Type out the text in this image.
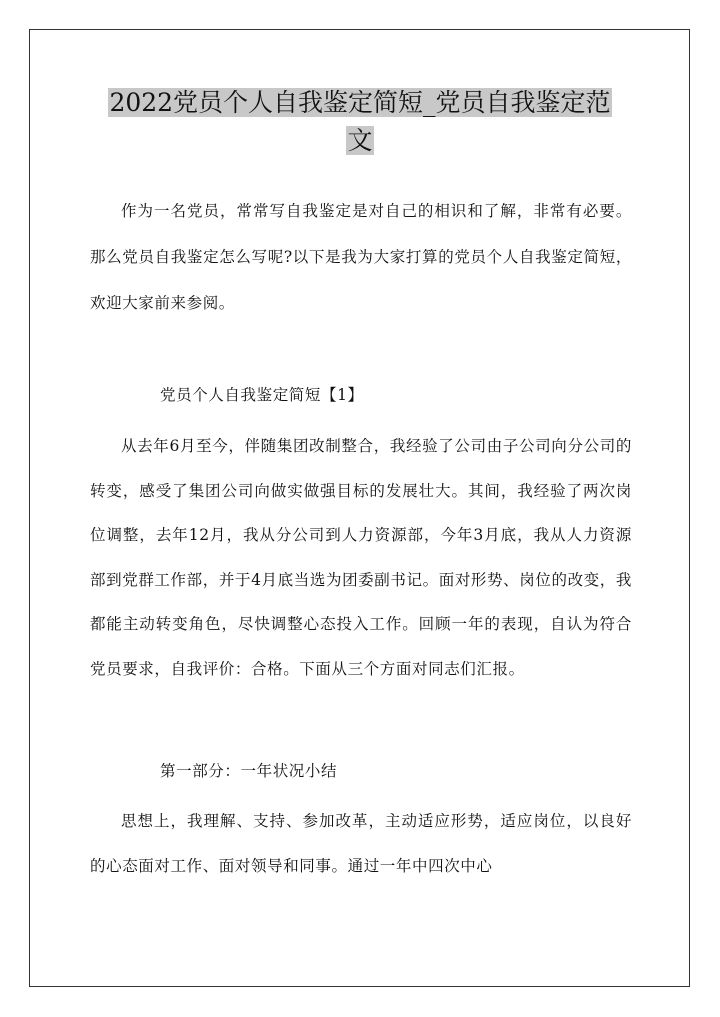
2022党员个人自我鉴定简短_党员自我鉴定范
文

作为一名党员，常常写自我鉴定是对自己的相识和了解，非常有必要。那么党员自我鉴定怎么写呢?以下是我为大家打算的党员个人自我鉴定简短，欢迎大家前来参阅。

党员个人自我鉴定简短【1】

从去年6月至今，伴随集团改制整合，我经验了公司由子公司向分公司的转变，感受了集团公司向做实做强目标的发展壮大。其间，我经验了两次岗位调整，去年12月，我从分公司到人力资源部，今年3月底，我从人力资源部到党群工作部，并于4月底当选为团委副书记。面对形势、岗位的改变，我都能主动转变角色，尽快调整心态投入工作。回顾一年的表现，自认为符合党员要求，自我评价：合格。下面从三个方面对同志们汇报。

第一部分：一年状况小结

思想上，我理解、支持、参加改革，主动适应形势，适应岗位，以良好的心态面对工作、面对领导和同事。通过一年中四次中心
